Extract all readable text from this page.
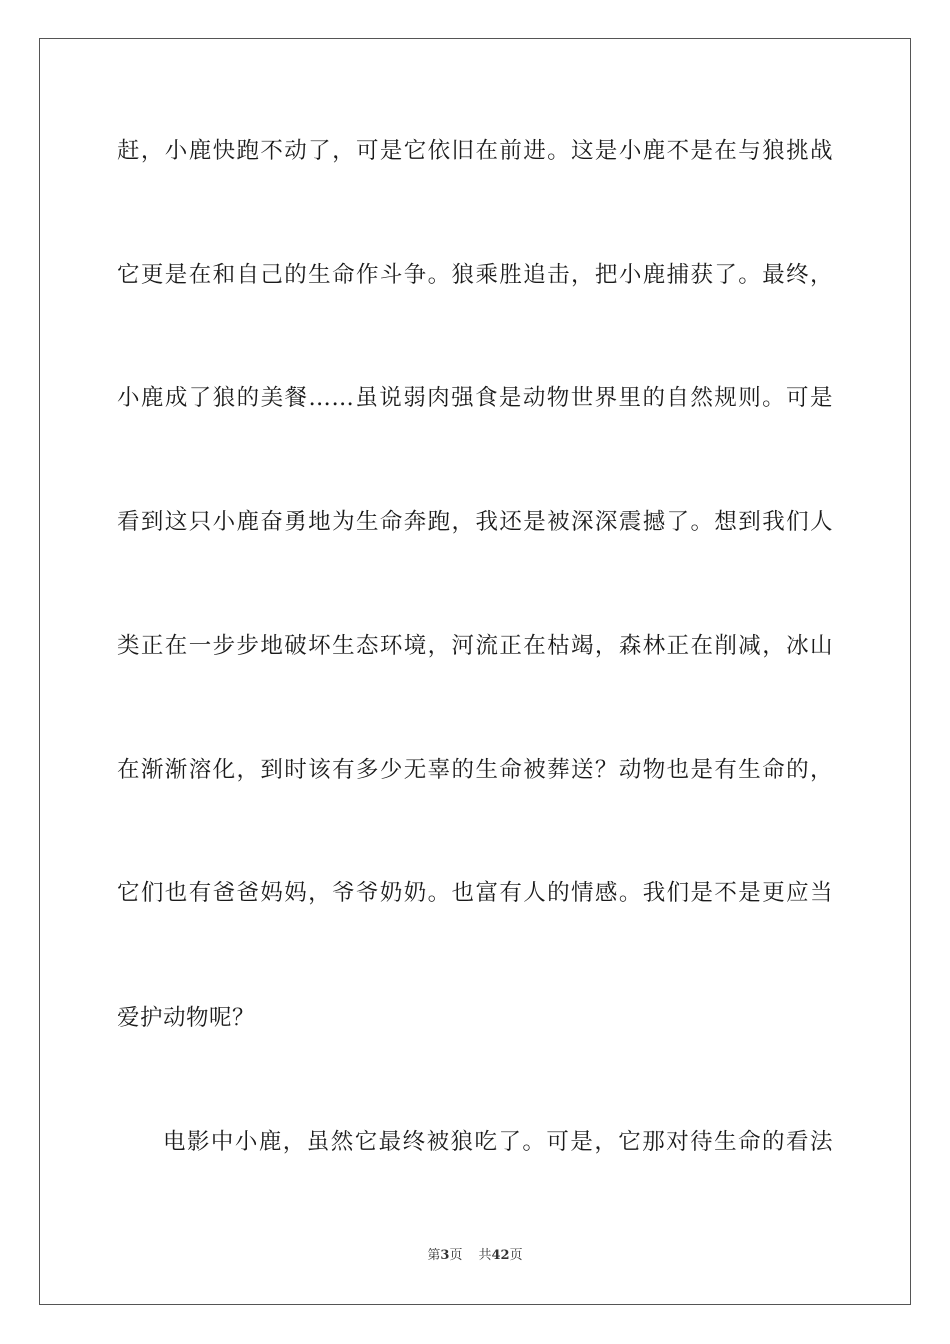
赶，小鹿快跑不动了，可是它依旧在前进。这是小鹿不是在与狼挑战
它更是在和自己的生命作斗争。狼乘胜追击，把小鹿捕获了。最终，
小鹿成了狼的美餐……虽说弱肉强食是动物世界里的自然规则。可是
看到这只小鹿奋勇地为生命奔跑，我还是被深深震撼了。想到我们人
类正在一步步地破坏生态环境，河流正在枯竭，森林正在削减，冰山
在渐渐溶化，到时该有多少无辜的生命被葬送？动物也是有生命的，
它们也有爸爸妈妈，爷爷奶奶。也富有人的情感。我们是不是更应当
爱护动物呢？
电影中小鹿，虽然它最终被狼吃了。可是，它那对待生命的看法
第3页 共42页
